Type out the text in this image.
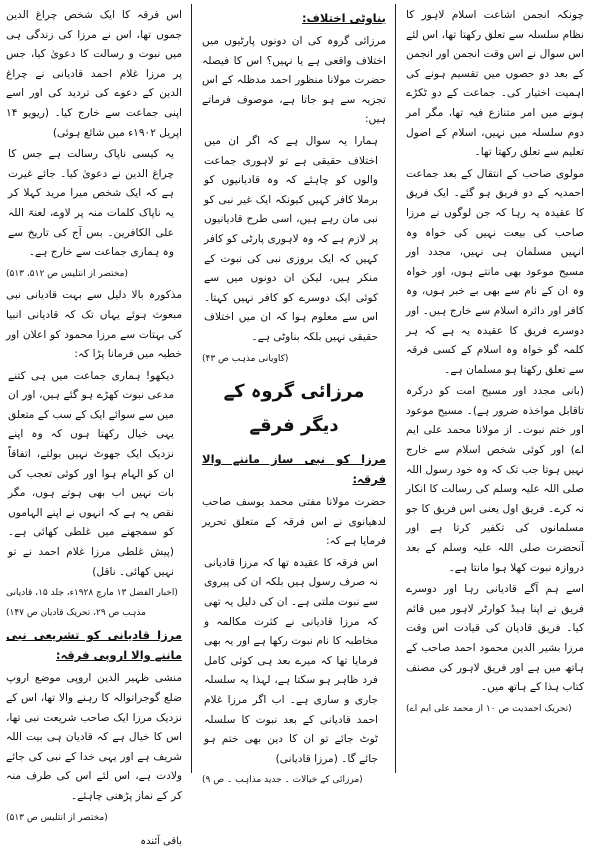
چونکہ انجمن اشاعت اسلام لاہور کا نظام سلسلہ سے تعلق رکھتا تھا، اس لئے اس سوال نے اس وقت انجمن اور انجمن کے بعد دو حصوں میں تقسیم ہونے کی اہمیت اختیار کی۔ جماعت کے دو ٹکڑے ہونے میں امر متنازع فیہ تھا، مگر امر دوم سلسلہ میں نہیں، اسلام کے اصول تعلیم سے تعلق رکھتا تھا۔

مولوی صاحب کے انتقال کے بعد جماعت احمدیہ کے دو فریق ہو گئے۔ ایک فریق کا عقیدہ یہ رہا کہ جن لوگوں نے مرزا صاحب کی بیعت نہیں کی خواہ وہ انہیں مسلمان ہی نہیں، مجدد اور مسیح موعود بھی مانتے ہوں، اور خواہ وہ ان کے نام سے بھی بے خبر ہوں، وہ کافر اور دائرہ اسلام سے خارج ہیں۔ اور دوسرے فریق کا عقیدہ یہ ہے کہ ہر کلمہ گو خواہ وہ اسلام کے کسی فرقہ سے تعلق رکھتا ہو مسلمان ہے۔

(بانی مجدد اور مسیح امت کو درکرہ تاقابل مواخذہ ضرور ہے)۔ مسیح موعود اور ختم نبوت۔ از مولانا محمد علی ایم اے) اور کوئی شخص اسلام سے خارج نہیں ہوتا جب تک کہ وہ خود رسول اللہ صلی اللہ علیہ وسلم کی رسالت کا انکار نہ کرے۔ فریق اول یعنی اس فریق کا جو مسلمانوں کی تکفیر کرتا ہے اور آنحضرت صلی اللہ علیہ وسلم کے بعد دروازہ نبوت کھلا ہوا مانتا ہے۔

اسے ہم آگے قادیانی رہا اور دوسرے فریق نے اپنا ہیڈ کوارٹر لاہور میں قائم کیا۔ فریق قادیان کی قیادت اس وقت مرزا بشیر الدین محمود احمد صاحب کے ہاتھ میں ہے اور فریق لاہور کی مصنف کتاب ہذا کے ہاتھ میں۔

(تحریک احمدیت ص ۱۰ از محمد علی ایم اے)

بناوٹی اختلاف:

مرزائی گروہ کی ان دونوں پارٹیوں میں اختلاف واقعی ہے یا نہیں؟ اس کا فیصلہ حضرت مولانا منظور احمد مدظلہ کے اس تجزیہ سے ہو جاتا ہے، موصوف فرماتے ہیں:

ہمارا یہ سوال ہے کہ اگر ان میں اختلاف حقیقی ہے تو لاہوری جماعت والوں کو چاہئے کہ وہ قادیانیوں کو برملا کافر کہیں کیونکہ ایک غیر نبی کو نبی مان رہے ہیں، اسی طرح قادیانیوں پر لازم ہے کہ وہ لاہوری پارٹی کو کافر کہیں کہ ایک بروزی نبی کی نبوت کے منکر ہیں، لیکن ان دونوں میں سے کوئی ایک دوسرے کو کافر نہیں کہتا۔ اس سے معلوم ہوا کہ ان میں اختلاف حقیقی نہیں بلکہ بناوٹی ہے۔

(کاویانی مذہب ص ۴۳)

مرزائی گروہ کے دیگر فرقے
مرزا کو نبی ساز ماننے والا فرقہ:

حضرت مولانا مفتی محمد یوسف صاحب لدھیانوی نے اس فرقہ کے متعلق تحریر فرمایا ہے کہ:

اس فرقہ کا عقیدہ تھا کہ مرزا قادیانی نہ صرف رسول ہیں بلکہ ان کی پیروی سے نبوت ملتی ہے۔ ان کی دلیل یہ تھی کہ مرزا قادیانی نے کثرت مکالمہ و مخاطبہ کا نام نبوت رکھا ہے اور یہ بھی فرمایا تھا کہ میرے بعد ہی کوئی کامل فرد ظاہر ہو سکتا ہے، لہذا یہ سلسلہ جاری و ساری ہے۔ اب اگر مرزا غلام احمد قادیانی کے بعد نبوت کا سلسلہ ٹوٹ جائے تو ان کا دین بھی ختم ہو جائے گا۔ (مرزا قادیانی)

(مرزائی کے خیالات ۔ جدید مذاہب ۔ ص ۹)

اس فرقہ کا ایک شخص چراغ الدین جموں تھا، اس نے مرزا کی زندگی ہی میں نبوت و رسالت کا دعویٰ کیا، جس پر مرزا غلام احمد قادیانی نے چراغ الدین کے دعوے کی تردید کی اور اسے اپنی جماعت سے خارج کیا۔ (ریویو ۱۴ اپریل ۱۹۰۲ء میں شائع ہوئی)

یہ کیسی ناپاک رسالت ہے جس کا چراغ الدین نے دعویٰ کیا۔ جائے غیرت ہے کہ ایک شخص میرا مرید کہلا کر یہ ناپاک کلمات منہ پر لاوے، لعنۃ اللہ علی الکافرین۔ بس آج کی تاریخ سے وہ ہماری جماعت سے خارج ہے۔

(مختصر از انتلیس ص ۵۱۲، ۵۱۳)

مذکورہ بالا دلیل سے بہت قادیانی نبی مبعوث ہوئے یہاں تک کہ قادیانی انبیا کی بہتات سے مرزا محمود کو اعلان اور خطبہ میں فرمانا پڑا کہ:

دیکھو! ہماری جماعت میں ہی کتنے مدعی نبوت کھڑے ہو گئے ہیں، اور ان میں سے سوائے ایک کے سب کے متعلق یہی خیال رکھتا ہوں کہ وہ اپنے نزدیک ایک جھوٹ نہیں بولتے، اتفاقاً ان کو الہام ہوا اور کوئی تعجب کی بات نہیں اب بھی ہوتے ہوں، مگر نقص یہ ہے کہ انہوں نے اپنے الہاموں کو سمجھنے میں غلطی کھائی ہے۔ (پیش غلطی مرزا غلام احمد نے تو نہیں کھائی۔ ناقل)

(اخبار الفضل ۱۳ مارچ ۱۹۲۸ء، جلد ۱۵، قادیانی مذہب ص ۲۹، تحریک قادیان ص ۱۴۷)

مرزا قادیانی کو تشریعی نبی ماننے والا اروپی فرقہ:

منشی ظہیر الدین اروپی موضع اروپ ضلع گوجرانوالہ کا رہنے والا تھا، اس کے نزدیک مرزا ایک صاحب شریعت نبی تھا، اس کا خیال ہے کہ قادیان ہی بیت اللہ شریف ہے اور یہی خدا کے نبی کی جائے ولادت ہے، اس لئے اس کی طرف منہ کر کے نماز پڑھنی چاہئے۔

(مختصر از انتلیس ص ۵۱۳)

باقی آئندہ
